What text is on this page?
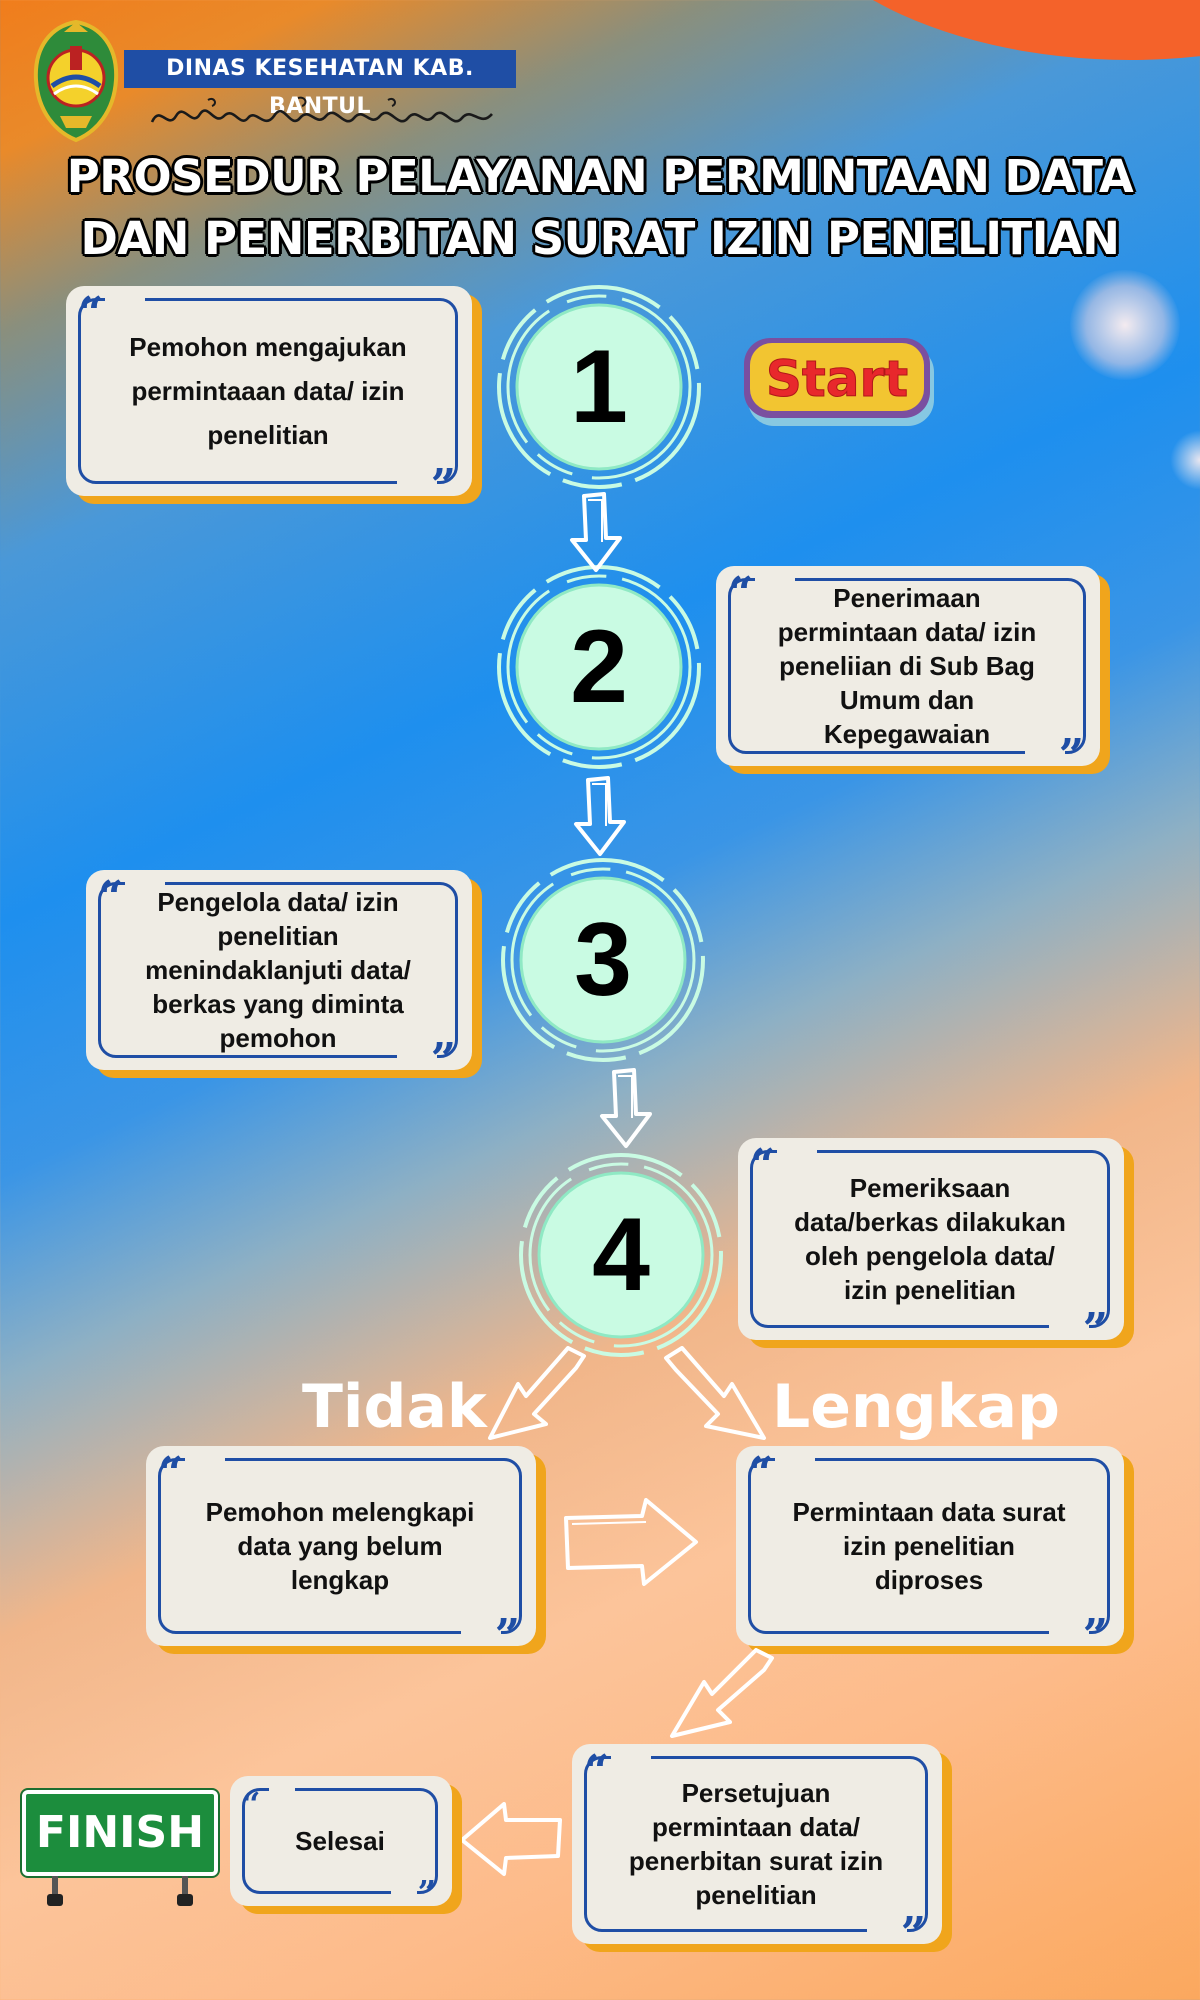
DINAS KESEHATAN KAB. BANTUL
PROSEDUR PELAYANAN PERMINTAAN DATA
DAN PENERBITAN SURAT IZIN PENELITIAN
Start
1
2
3
4
“
”
Pemohon mengajukan
permintaaan data/ izin
penelitian
“
”
Penerimaan
permintaan data/ izin
peneliian di Sub Bag
Umum dan
Kepegawaian
“
”
Pengelola data/ izin
penelitian
menindaklanjuti data/
berkas yang diminta
pemohon
“
”
Pemeriksaan
data/berkas dilakukan
oleh pengelola data/
izin penelitian
Tidak	Lengkap
“
”
Pemohon melengkapi
data yang belum
lengkap
“
”
Permintaan data surat
izin penelitian
diproses
“
”
Persetujuan
permintaan data/
penerbitan surat izin
penelitian
“
”
Selesai
FINISH
